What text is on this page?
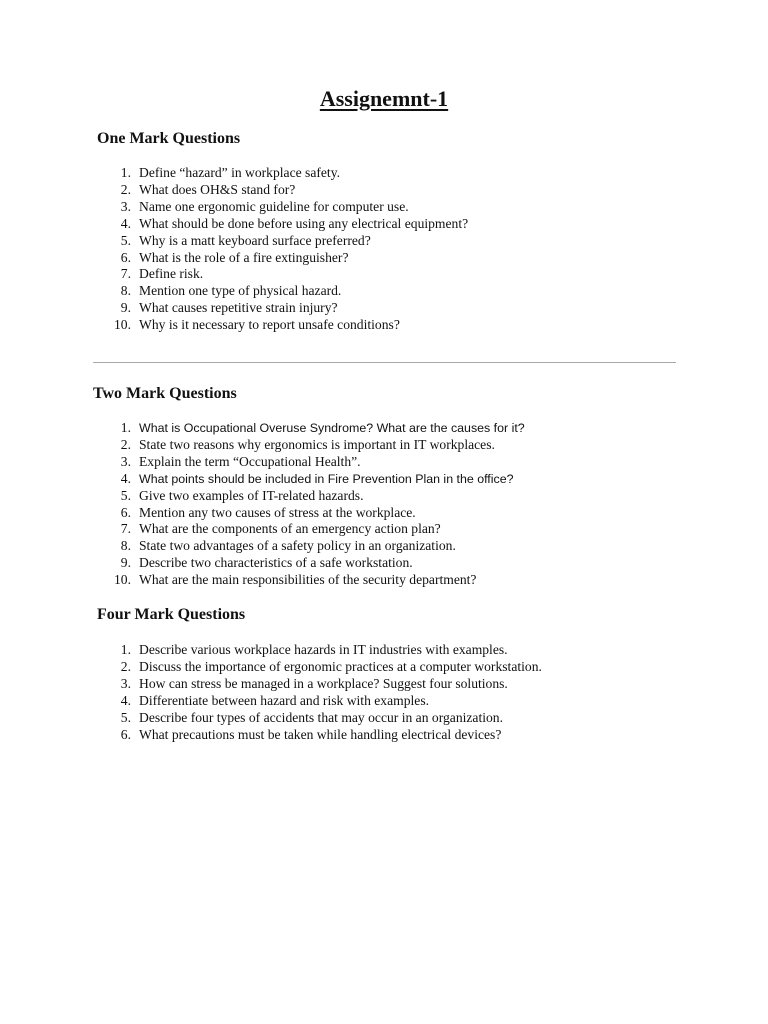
Assignemnt-1
One Mark Questions
1. Define “hazard” in workplace safety.
2. What does OH&S stand for?
3. Name one ergonomic guideline for computer use.
4. What should be done before using any electrical equipment?
5. Why is a matt keyboard surface preferred?
6. What is the role of a fire extinguisher?
7. Define risk.
8. Mention one type of physical hazard.
9. What causes repetitive strain injury?
10. Why is it necessary to report unsafe conditions?
Two Mark Questions
1. What is Occupational Overuse Syndrome? What are the causes for it?
2. State two reasons why ergonomics is important in IT workplaces.
3. Explain the term “Occupational Health”.
4. What points should be included in Fire Prevention Plan in the office?
5. Give two examples of IT-related hazards.
6. Mention any two causes of stress at the workplace.
7. What are the components of an emergency action plan?
8. State two advantages of a safety policy in an organization.
9. Describe two characteristics of a safe workstation.
10. What are the main responsibilities of the security department?
Four Mark Questions
1. Describe various workplace hazards in IT industries with examples.
2. Discuss the importance of ergonomic practices at a computer workstation.
3. How can stress be managed in a workplace? Suggest four solutions.
4. Differentiate between hazard and risk with examples.
5. Describe four types of accidents that may occur in an organization.
6. What precautions must be taken while handling electrical devices?
